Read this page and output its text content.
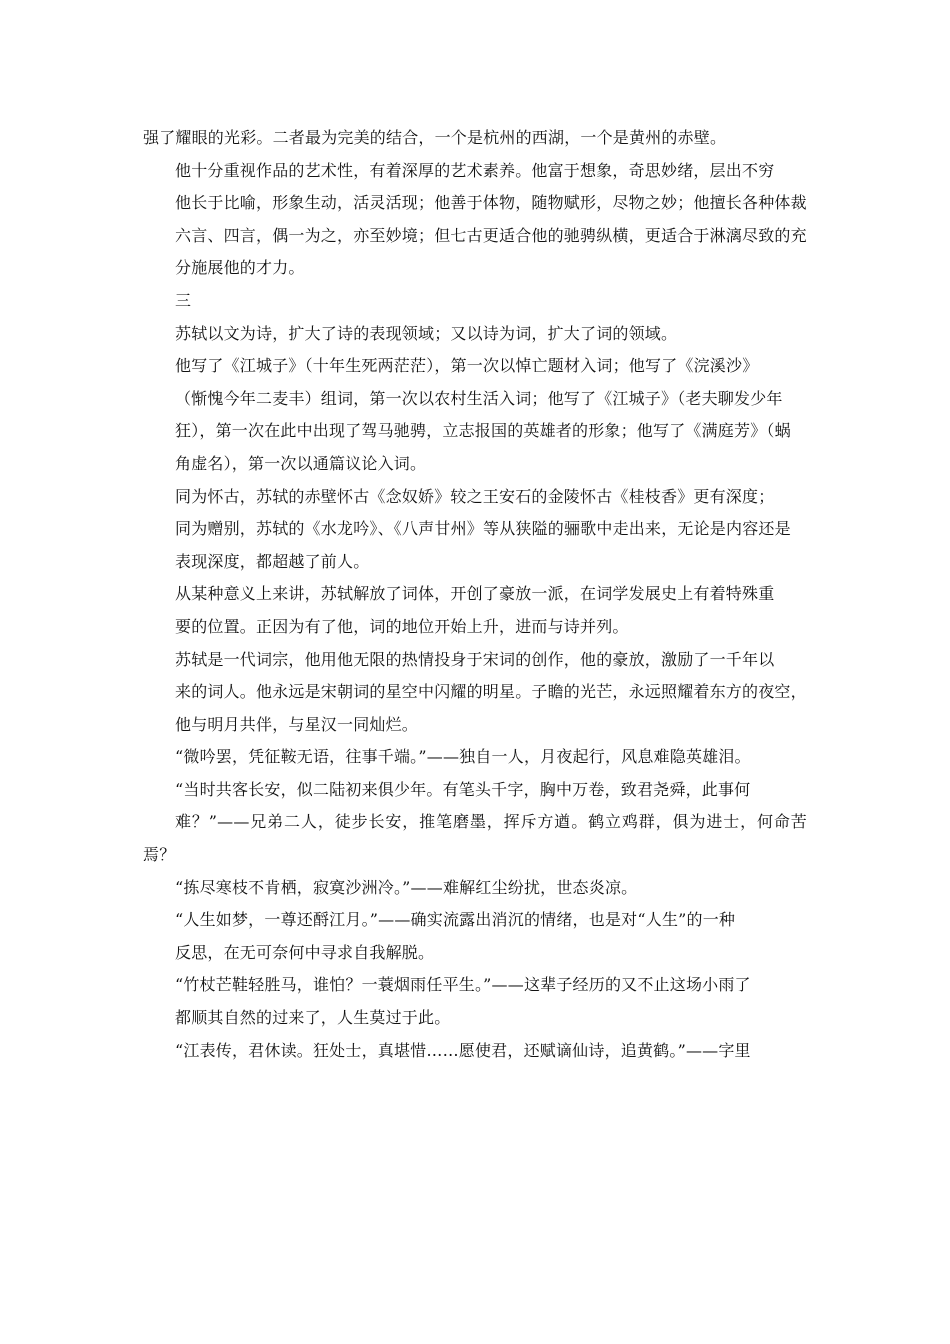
强了耀眼的光彩。二者最为完美的结合，一个是杭州的西湖，一个是黄州的赤壁。

他十分重视作品的艺术性，有着深厚的艺术素养。他富于想象，奇思妙绪，层出不穷
他长于比喻，形象生动，活灵活现；他善于体物，随物赋形，尽物之妙；他擅长各种体裁
六言、四言，偶一为之，亦至妙境；但七古更适合他的驰骋纵横，更适合于淋漓尽致的充
分施展他的才力。

三

苏轼以文为诗，扩大了诗的表现领域；又以诗为词，扩大了词的领域。

他写了《江城子》（十年生死两茫茫），第一次以悼亡题材入词；他写了《浣溪沙》
（惭愧今年二麦丰）组词，第一次以农村生活入词；他写了《江城子》（老夫聊发少年
狂），第一次在此中出现了驾马驰骋，立志报国的英雄者的形象；他写了《满庭芳》（蜗
角虚名），第一次以通篇议论入词。

同为怀古，苏轼的赤壁怀古《念奴娇》较之王安石的金陵怀古《桂枝香》更有深度；
同为赠别，苏轼的《水龙吟》、《八声甘州》等从狭隘的骊歌中走出来，无论是内容还是
表现深度，都超越了前人。

从某种意义上来讲，苏轼解放了词体，开创了豪放一派，在词学发展史上有着特殊重
要的位置。正因为有了他，词的地位开始上升，进而与诗并列。

苏轼是一代词宗，他用他无限的热情投身于宋词的创作，他的豪放，激励了一千年以
来的词人。他永远是宋朝词的星空中闪耀的明星。子瞻的光芒，永远照耀着东方的夜空，
他与明月共伴，与星汉一同灿烂。

“微吟罢，凭征鞍无语，往事千端。”——独自一人，月夜起行，风息难隐英雄泪。

“当时共客长安，似二陆初来俱少年。有笔头千字，胸中万卷，致君尧舜，此事何
难？”——兄弟二人，徒步长安，推笔磨墨，挥斥方遒。鹤立鸡群，俱为进士，何命苦焉？

“拣尽寒枝不肯栖，寂寞沙洲冷。”——难解红尘纷扰，世态炎凉。

“人生如梦，一尊还酹江月。”——确实流露出消沉的情绪，也是对“人生”的一种
反思，在无可奈何中寻求自我解脱。

“竹杖芒鞋轻胜马，谁怕？一蓑烟雨任平生。”——这辈子经历的又不止这场小雨了
都顺其自然的过来了，人生莫过于此。

“江表传，君休读。狂处士，真堪惜……愿使君，还赋谪仙诗，追黄鹤。”——字里
